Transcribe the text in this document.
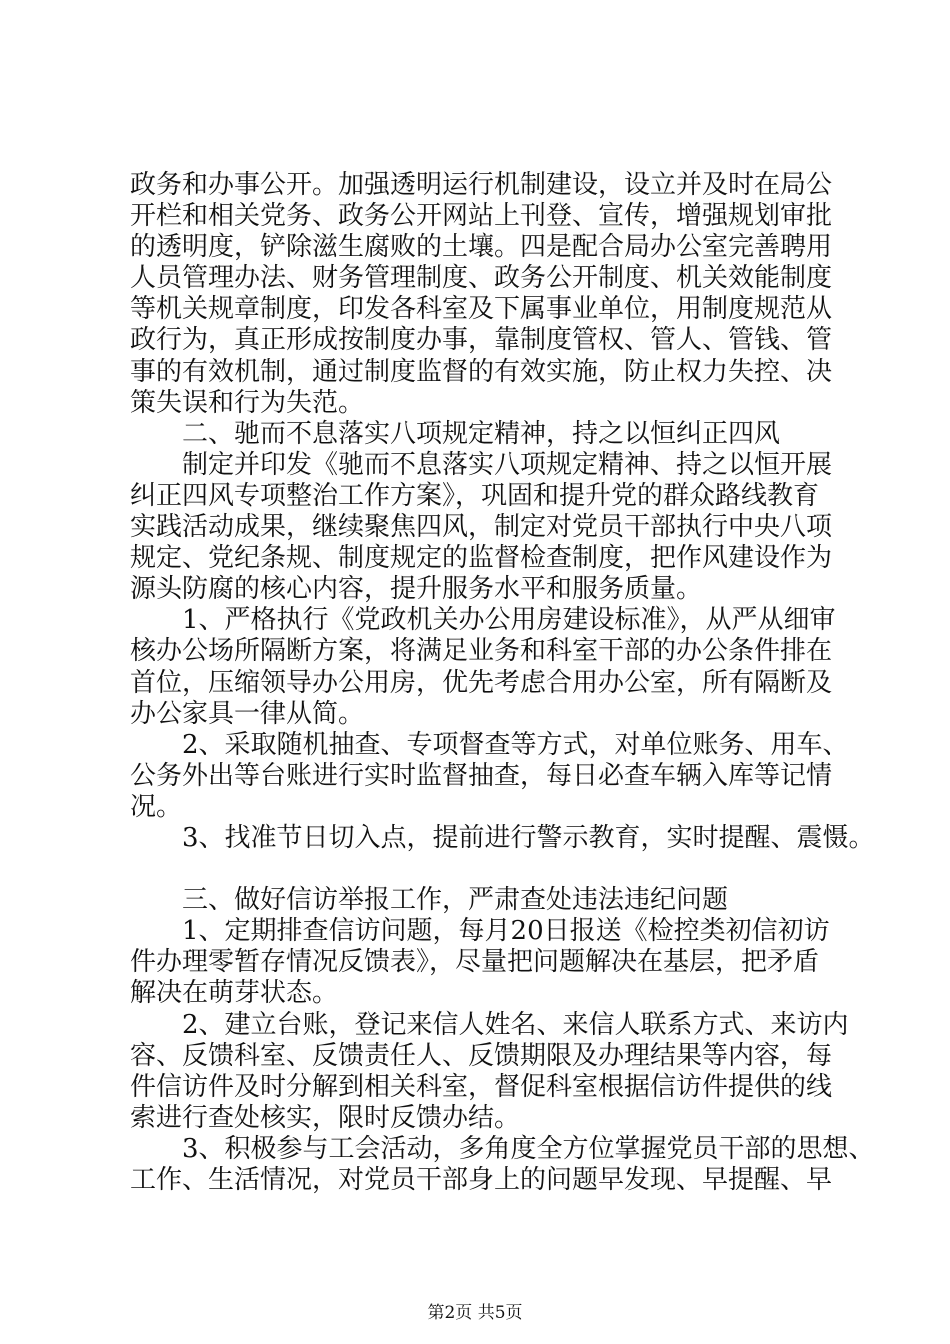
政务和办事公开。加强透明运行机制建设，设立并及时在局公
开栏和相关党务、政务公开网站上刊登、宣传，增强规划审批
的透明度，铲除滋生腐败的土壤。四是配合局办公室完善聘用
人员管理办法、财务管理制度、政务公开制度、机关效能制度
等机关规章制度，印发各科室及下属事业单位，用制度规范从
政行为，真正形成按制度办事，靠制度管权、管人、管钱、管
事的有效机制，通过制度监督的有效实施，防止权力失控、决
策失误和行为失范。
　　二、驰而不息落实八项规定精神，持之以恒纠正四风
　　制定并印发《驰而不息落实八项规定精神、持之以恒开展
纠正四风专项整治工作方案》，巩固和提升党的群众路线教育
实践活动成果，继续聚焦四风，制定对党员干部执行中央八项
规定、党纪条规、制度规定的监督检查制度，把作风建设作为
源头防腐的核心内容，提升服务水平和服务质量。
　　1、严格执行《党政机关办公用房建设标准》，从严从细审
核办公场所隔断方案，将满足业务和科室干部的办公条件排在
首位，压缩领导办公用房，优先考虑合用办公室，所有隔断及
办公家具一律从简。
　　2、采取随机抽查、专项督查等方式，对单位账务、用车、
公务外出等台账进行实时监督抽查，每日必查车辆入库等记情
况。
　　3、找准节日切入点，提前进行警示教育，实时提醒、震慑。
　　三、做好信访举报工作，严肃查处违法违纪问题
　　1、定期排查信访问题，每月20日报送《检控类初信初访
件办理零暂存情况反馈表》，尽量把问题解决在基层，把矛盾
解决在萌芽状态。
　　2、建立台账，登记来信人姓名、来信人联系方式、来访内
容、反馈科室、反馈责任人、反馈期限及办理结果等内容，每
件信访件及时分解到相关科室，督促科室根据信访件提供的线
索进行查处核实，限时反馈办结。
　　3、积极参与工会活动，多角度全方位掌握党员干部的思想、
工作、生活情况，对党员干部身上的问题早发现、早提醒、早
第2页 共5页
